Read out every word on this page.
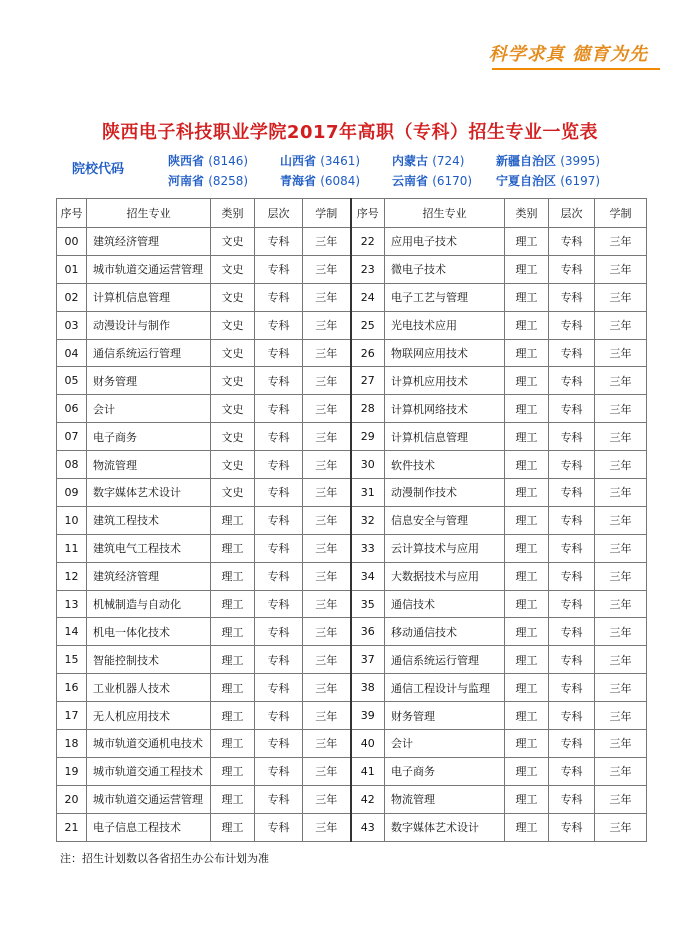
科学求真 德育为先
陕西电子科技职业学院2017年高职（专科）招生专业一览表
院校代码
陕西省 (8146)	山西省 (3461)	内蒙古 (724)	新疆自治区 (3995)
河南省 (8258)	青海省 (6084)	云南省 (6170) 宁夏自治区 (6197)
序号	招生专业	类别	层次	学制	序号	招生专业	类别	层次	学制
00	建筑经济管理	文史	专科	三年	22	应用电子技术	理工	专科	三年
01	城市轨道交通运营管理	文史	专科	三年	23	微电子技术	理工	专科	三年
02	计算机信息管理	文史	专科	三年	24	电子工艺与管理	理工	专科	三年
03	动漫设计与制作	文史	专科	三年	25	光电技术应用	理工	专科	三年
04	通信系统运行管理	文史	专科	三年	26	物联网应用技术	理工	专科	三年
05	财务管理	文史	专科	三年	27	计算机应用技术	理工	专科	三年
06	会计	文史	专科	三年	28	计算机网络技术	理工	专科	三年
07	电子商务	文史	专科	三年	29	计算机信息管理	理工	专科	三年
08	物流管理	文史	专科	三年	30	软件技术	理工	专科	三年
09	数字媒体艺术设计	文史	专科	三年	31	动漫制作技术	理工	专科	三年
10	建筑工程技术	理工	专科	三年	32	信息安全与管理	理工	专科	三年
11	建筑电气工程技术	理工	专科	三年	33	云计算技术与应用	理工	专科	三年
12	建筑经济管理	理工	专科	三年	34	大数据技术与应用	理工	专科	三年
13	机械制造与自动化	理工	专科	三年	35	通信技术	理工	专科	三年
14	机电一体化技术	理工	专科	三年	36	移动通信技术	理工	专科	三年
15	智能控制技术	理工	专科	三年	37	通信系统运行管理	理工	专科	三年
16	工业机器人技术	理工	专科	三年	38	通信工程设计与监理	理工	专科	三年
17	无人机应用技术	理工	专科	三年	39	财务管理	理工	专科	三年
18	城市轨道交通机电技术	理工	专科	三年	40	会计	理工	专科	三年
19	城市轨道交通工程技术	理工	专科	三年	41	电子商务	理工	专科	三年
20	城市轨道交通运营管理	理工	专科	三年	42	物流管理	理工	专科	三年
21	电子信息工程技术	理工	专科	三年	43	数字媒体艺术设计	理工	专科	三年
注：招生计划数以各省招生办公布计划为准
